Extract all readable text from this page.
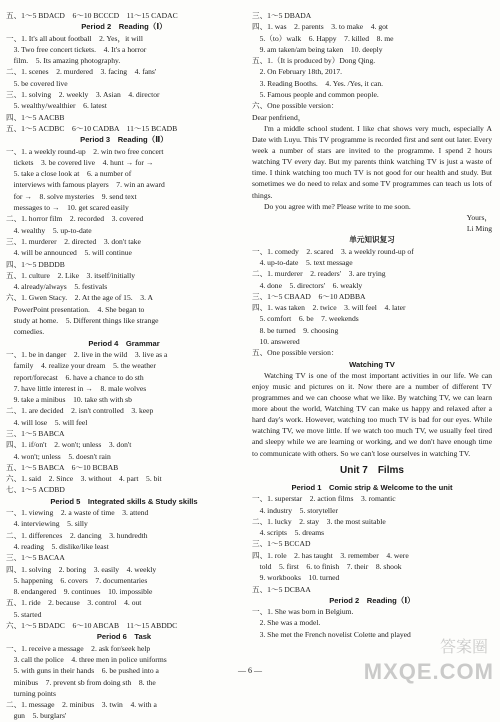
五、1～5 BDACD　6～10 BCCCD　11～15 CADAC
Period 2　Reading（Ⅰ）
一、1. It's all about football　2. Yes，it will
　3. Two free concert tickets.　4. It's a horror
　film.　5. Its amazing photography.
二、1. scenes　2. murdered　3. facing　4. fans'
　5. be covered live
三、1. solving　2. weekly　3. Asian　4. director
　5. wealthy/wealthier　6. latest
四、1～5 AACBB
五、1～5 ACDBC　6～10 CADBA　11～15 BCADB
Period 3　Reading（Ⅱ）
一、1. a weekly round-up　2. win two free concert
　tickets　3. be covered live　4. hunt → for →
　5. take a close look at　6. a number of
　interviews with famous players　7. win an award
　for →　8. solve mysteries　9. send text
　messages to →　10. get scared easily
二、1. horror film　2. recorded　3. covered
　4. wealthy　5. up-to-date
三、1. murderer　2. directed　3. don't take
　4. will be announced　5. will continue
四、1～5 DBDDB
五、1. culture　2. Like　3. itself/initially
　4. already/always　5. festivals
六、1. Gwen Stacy.　2. At the age of 15.　3. A
　PowerPoint presentation.　4. She began to
　study at home.　5. Different things like strange
　comedies.
Period 4　Grammar
一、1. be in danger　2. live in the wild　3. live as a
　family　4. realize your dream　5. the weather
　report/forecast　6. have a chance to do sth
　7. have little interest in →　8. male wolves
　9. take a minibus　10. take sth with sb
二、1. are decided　2. isn't controlled　3. keep
　4. will lose　5. will feel
三、1～5 BABCA
四、1. if/on't　2. won't; unless　3. don't
　4. won't; unless　5. doesn't rain
五、1～5 BABCA　6～10 BCBAB
六、1. said　2. Since　3. without　4. part　5. bit
七、1～5 ACDBD
Period 5　Integrated skills & Study skills
一、1. viewing　2. a waste of time　3. attend
　4. interviewing　5. silly
二、1. differences　2. dancing　3. hundredth
　4. reading　5. dislike/like least
三、1～5 BACAA
四、1. solving　2. boring　3. easily　4. weekly
　5. happening　6. covers　7. documentaries
　8. endangered　9. continues　10. impossible
五、1. ride　2. because　3. control　4. out
　5. started
六、1～5 BDADC　6～10 ABCAB　11～15 ABDDC
Period 6　Task
一、1. receive a message　2. ask for/seek help
　3. call the police　4. three men in police uniforms
　5. with guns in their hands　6. be pushed into a
　minibus　7. prevent sb from doing sth　8. the
　turning points
二、1. message　2. minibus　3. twin　4. with a
　gun　5. burglars'
三、1～5 DBADA
四、1. was　2. parents　3. to make　4. got
　5.（to）walk　6. Happy　7. killed　8. me
　9. am taken/am being taken　10. deeply
五、1.（It is produced by）Dong Qing.
　2. On February 18th, 2017.
　3. Reading Booths.　4. Yes. /Yes, it can.
　5. Famous people and common people.
六、One possible version：
Dear penfriend，
I'm a middle school student. I like chat shows very much, especially A Date with Luyu. This TV programme is recorded first and sent out later. Every week a number of stars are invited to the programme. I spend 2 hours watching TV every day. But my parents think watching TV is just a waste of time. I think watching too much TV is not good for our health and study. But sometimes we do need to relax and some TV programmes can teach us lots of things.
Do you agree with me? Please write to me soon.
Yours，
Li Ming
单元知识复习
一、1. comedy　2. scared　3. a weekly round-up of
　4. up-to-date　5. text message
二、1. murderer　2. readers'　3. are trying
　4. done　5. directors'　6. weakly
三、1～5 CBAAD　6～10 ADBBA
四、1. was taken　2. twice　3. will feel　4. later
　5. comfort　6. be　7. weekends
　8. be turned　9. choosing
　10. answered
五、One possible version：
Watching TV
Watching TV is one of the most important activities in our life. We can enjoy music and pictures on it. Now there are a number of different TV programmes and we can choose what we like. By watching TV, we can learn more about the world, Watching TV can make us happy and relaxed after a hard day's work. However, watching too much TV is bad for our eyes. While watching TV, we move little. If we watch too much TV, we usually feel tired and sleepy while we are learning or working, and we don't have enough time to communicate with others. So we can't lose ourselves in watching TV.
Unit 7　Films
Period 1　Comic strip & Welcome to the unit
一、1. superstar　2. action films　3. romantic
　4. industry　5. storyteller
二、1. lucky　2. stay　3. the most suitable
　4. scripts　5. dreams
三、1～5 BCCAD
四、1. role　2. has taught　3. remember　4. were
　told　5. first　6. to finish　7. their　8. shook
　9. workbooks　10. turned
五、1～5 DCBAA
Period 2　Reading（Ⅰ）
一、1. She was born in Belgium.
　2. She was a model.
　3. She met the French novelist Colette and played
— 6 —
答案圈
MXQE.COM
